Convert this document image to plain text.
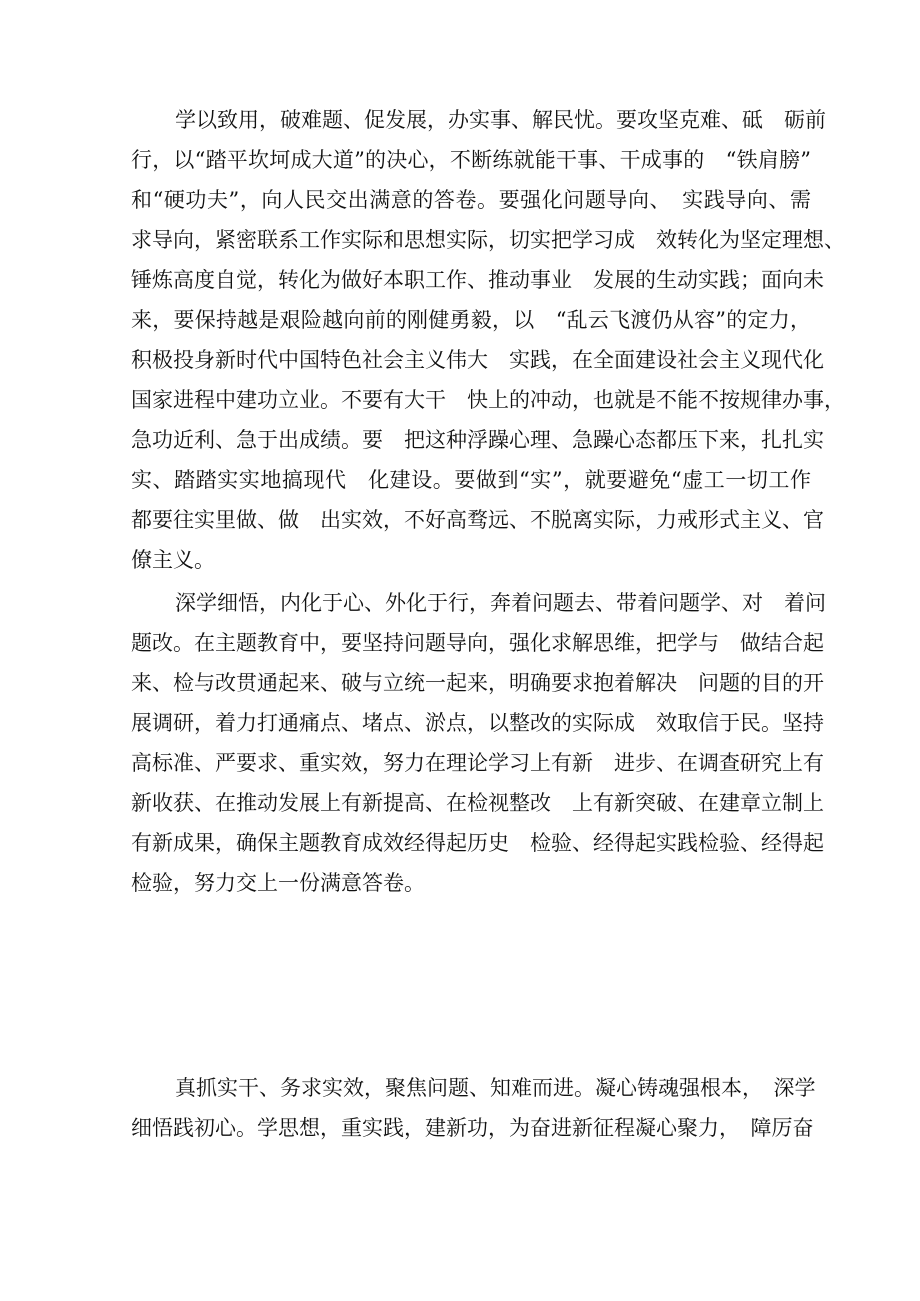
学以致用，破难题、促发展，办实事、解民忧。要攻坚克难、砥　砺前
行，以“踏平坎坷成大道”的决心，不断练就能干事、干成事的　“铁肩膀”
和“硬功夫”，向人民交出满意的答卷。要强化问题导向、　实践导向、需
求导向，紧密联系工作实际和思想实际，切实把学习成　效转化为坚定理想、
锤炼高度自觉，转化为做好本职工作、推动事业　发展的生动实践；面向未
来，要保持越是艰险越向前的刚健勇毅，以　“乱云飞渡仍从容”的定力，
积极投身新时代中国特色社会主义伟大　实践，在全面建设社会主义现代化
国家进程中建功立业。不要有大干　快上的冲动，也就是不能不按规律办事，
急功近利、急于出成绩。要　把这种浮躁心理、急躁心态都压下来，扎扎实
实、踏踏实实地搞现代　化建设。要做到“实”，就要避免“虚工一切工作
都要往实里做、做　出实效，不好高骛远、不脱离实际，力戒形式主义、官
僚主义。
深学细悟，内化于心、外化于行，奔着问题去、带着问题学、对　着问
题改。在主题教育中，要坚持问题导向，强化求解思维，把学与　做结合起
来、检与改贯通起来、破与立统一起来，明确要求抱着解决　问题的目的开
展调研，着力打通痛点、堵点、淤点，以整改的实际成　效取信于民。坚持
高标准、严要求、重实效，努力在理论学习上有新　进步、在调查研究上有
新收获、在推动发展上有新提高、在检视整改　上有新突破、在建章立制上
有新成果，确保主题教育成效经得起历史　检验、经得起实践检验、经得起
检验，努力交上一份满意答卷。
真抓实干、务求实效，聚焦问题、知难而进。凝心铸魂强根本，　深学
细悟践初心。学思想，重实践，建新功，为奋进新征程凝心聚力，　障厉奋
